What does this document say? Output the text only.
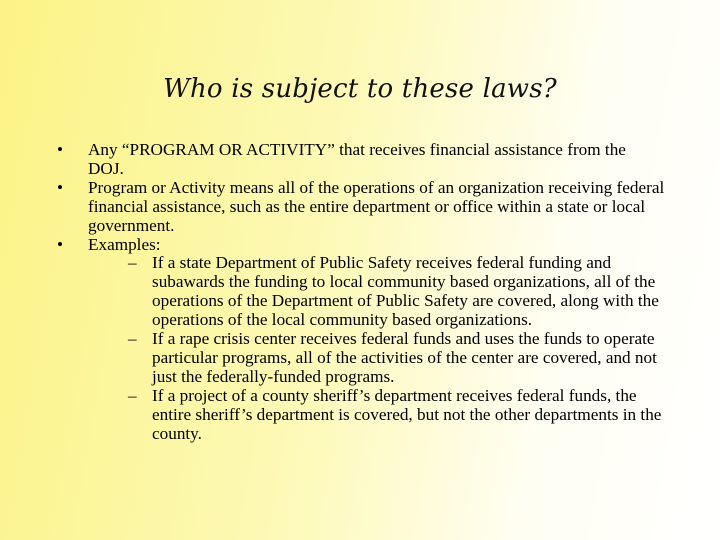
Who is subject to these laws?
• Any “PROGRAM OR ACTIVITY” that receives financial assistance from the DOJ.
• Program or Activity means all of the operations of an organization receiving federal financial assistance, such as the entire department or office within a state or local government.
• Examples:
– If a state Department of Public Safety receives federal funding and subawards the funding to local community based organizations, all of the operations of the Department of Public Safety are covered, along with the operations of the local community based organizations.
– If a rape crisis center receives federal funds and uses the funds to operate particular programs, all of the activities of the center are covered, and not just the federally-funded programs.
– If a project of a county sheriff’s department receives federal funds, the entire sheriff’s department is covered, but not the other departments in the county.
